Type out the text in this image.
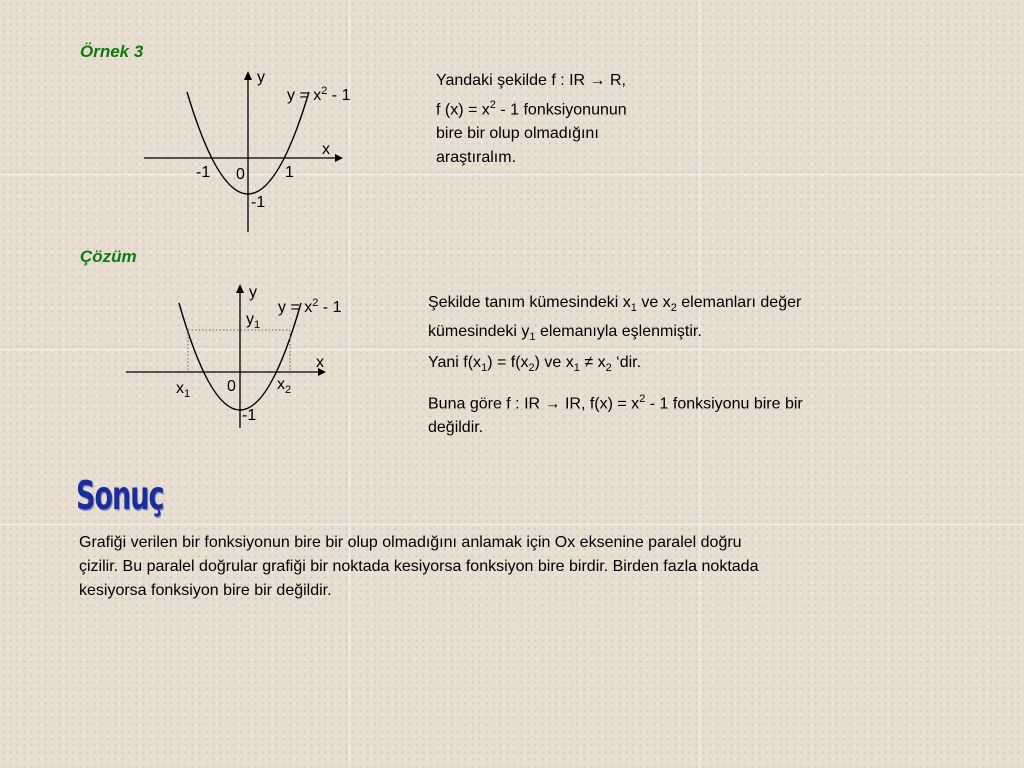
Örnek 3
y
x
$y = x^2 - 1$
-1 0	1
-1
Yandaki şekilde f : IR → R,
f $(x) = x^2 - 1$ fonksiyonunun
bire bir olup olmadığını
araştıralım.
Çözüm
y
x
$y = x^2 - 1$
$y_1$
$x_1$ 0	$x_2$
-1
Şekilde tanım kümesindeki $x_1$ ve $x_2$ elemanları değer
kümesindeki $y_1$ elemanıyla eşlenmiştir.
Yani $f(x_1) = f(x_2)$ ve $x_1 \ne x_2$ ‘dir.
Buna göre f : IR → IR, $f(x) = x^2 - 1$ fonksiyonu bire bir
değildir.
Sonuç
Grafiği verilen bir fonksiyonun bire bir olup olmadığını anlamak için Ox eksenine paralel doğru
çizilir. Bu paralel doğrular grafiği bir noktada kesiyorsa fonksiyon bire birdir. Birden fazla noktada
kesiyorsa fonksiyon bire bir değildir.
